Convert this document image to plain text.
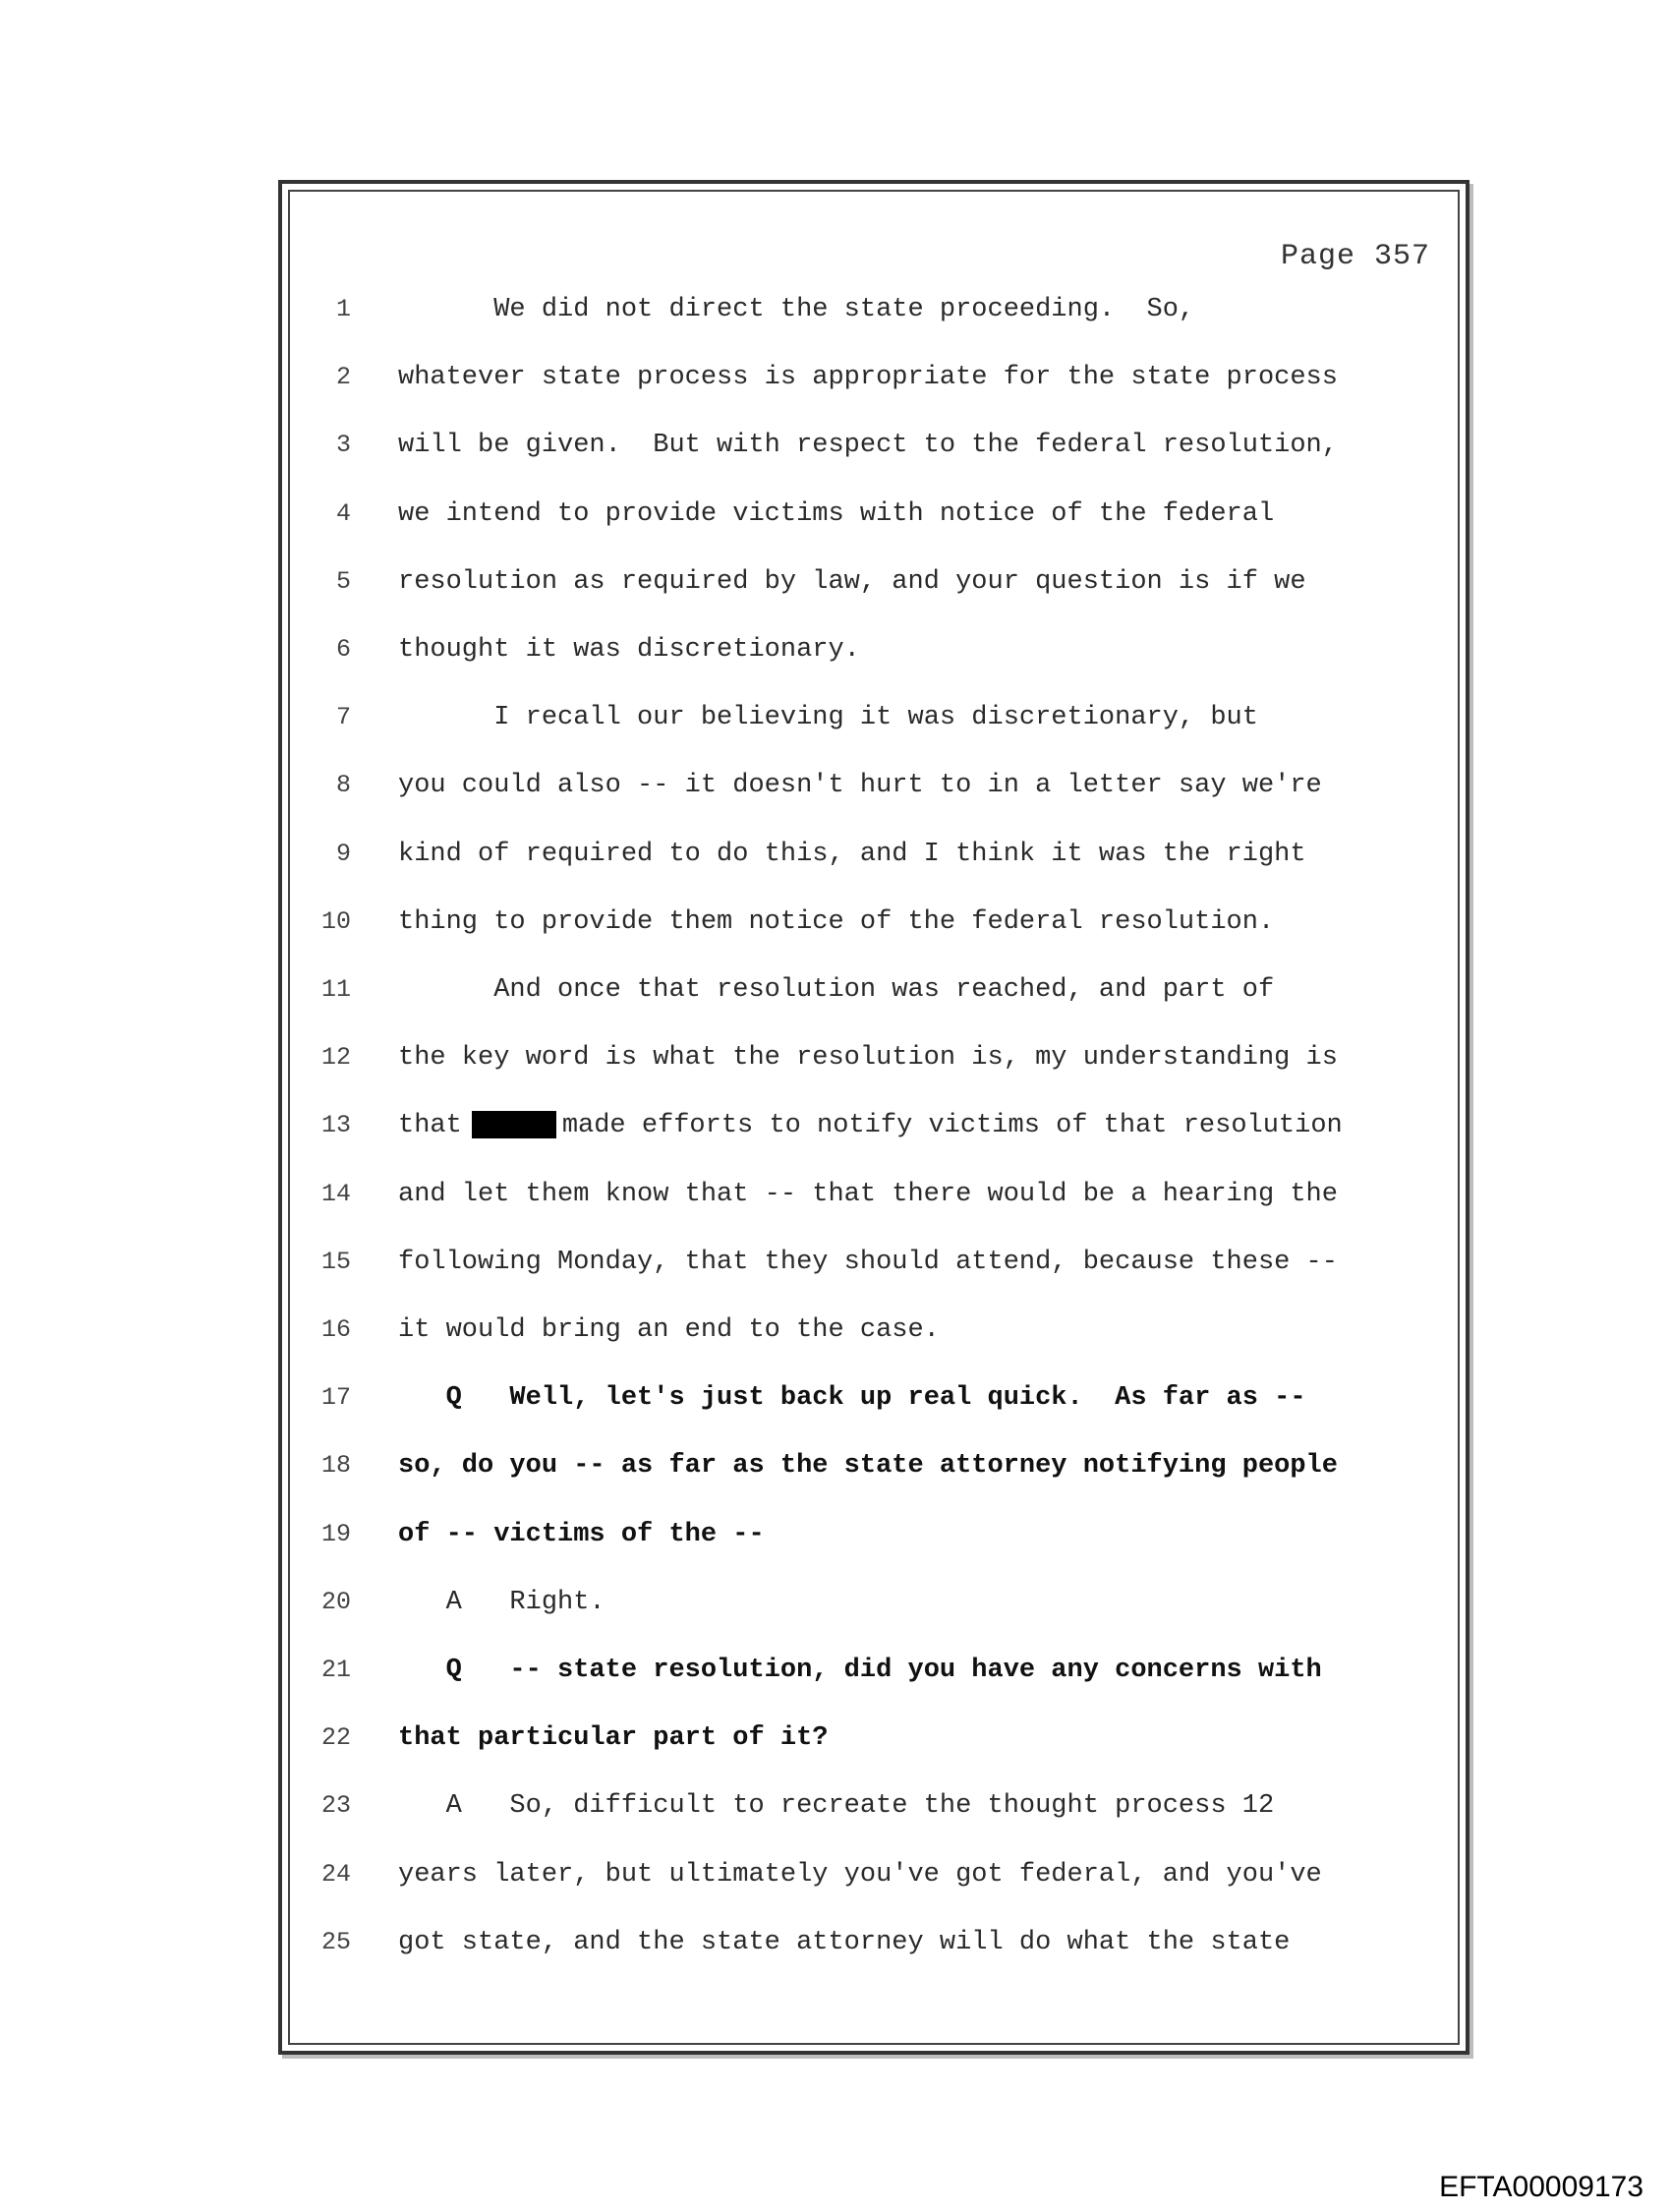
Page 357
1	We did not direct the state proceeding.  So,
2 whatever state process is appropriate for the state process
3 will be given.  But with respect to the federal resolution,
4 we intend to provide victims with notice of the federal
5 resolution as required by law, and your question is if we
6 thought it was discretionary.
7	I recall our believing it was discretionary, but
8 you could also -- it doesn't hurt to in a letter say we're
9 kind of required to do this, and I think it was the right
10 thing to provide them notice of the federal resolution.
11	And once that resolution was reached, and part of
12 the key word is what the resolution is, my understanding is
13 that	made efforts to notify victims of that resolution
14 and let them know that -- that there would be a hearing the
15 following Monday, that they should attend, because these --
16 it would bring an end to the case.
17	Q   Well, let's just back up real quick.  As far as --
18 so, do you -- as far as the state attorney notifying people
19 of -- victims of the --
20	A   Right.
21	Q   -- state resolution, did you have any concerns with
22 that particular part of it?
23	A   So, difficult to recreate the thought process 12
24 years later, but ultimately you've got federal, and you've
25 got state, and the state attorney will do what the state
EFTA00009173
